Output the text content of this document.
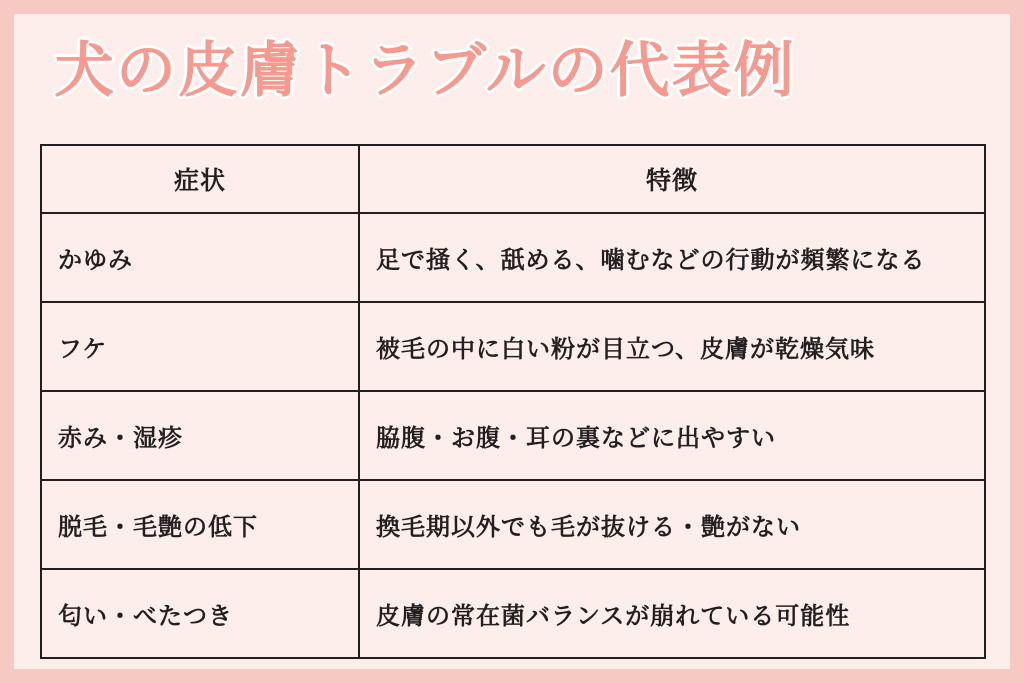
犬の皮膚トラブルの代表例
症状	特徴
かゆみ	足で掻く、舐める、噛むなどの行動が頻繁になる
フケ	被毛の中に白い粉が目立つ、皮膚が乾燥気味
赤み・湿疹	脇腹・お腹・耳の裏などに出やすい
脱毛・毛艶の低下	換毛期以外でも毛が抜ける・艶がない
匂い・べたつき	皮膚の常在菌バランスが崩れている可能性
